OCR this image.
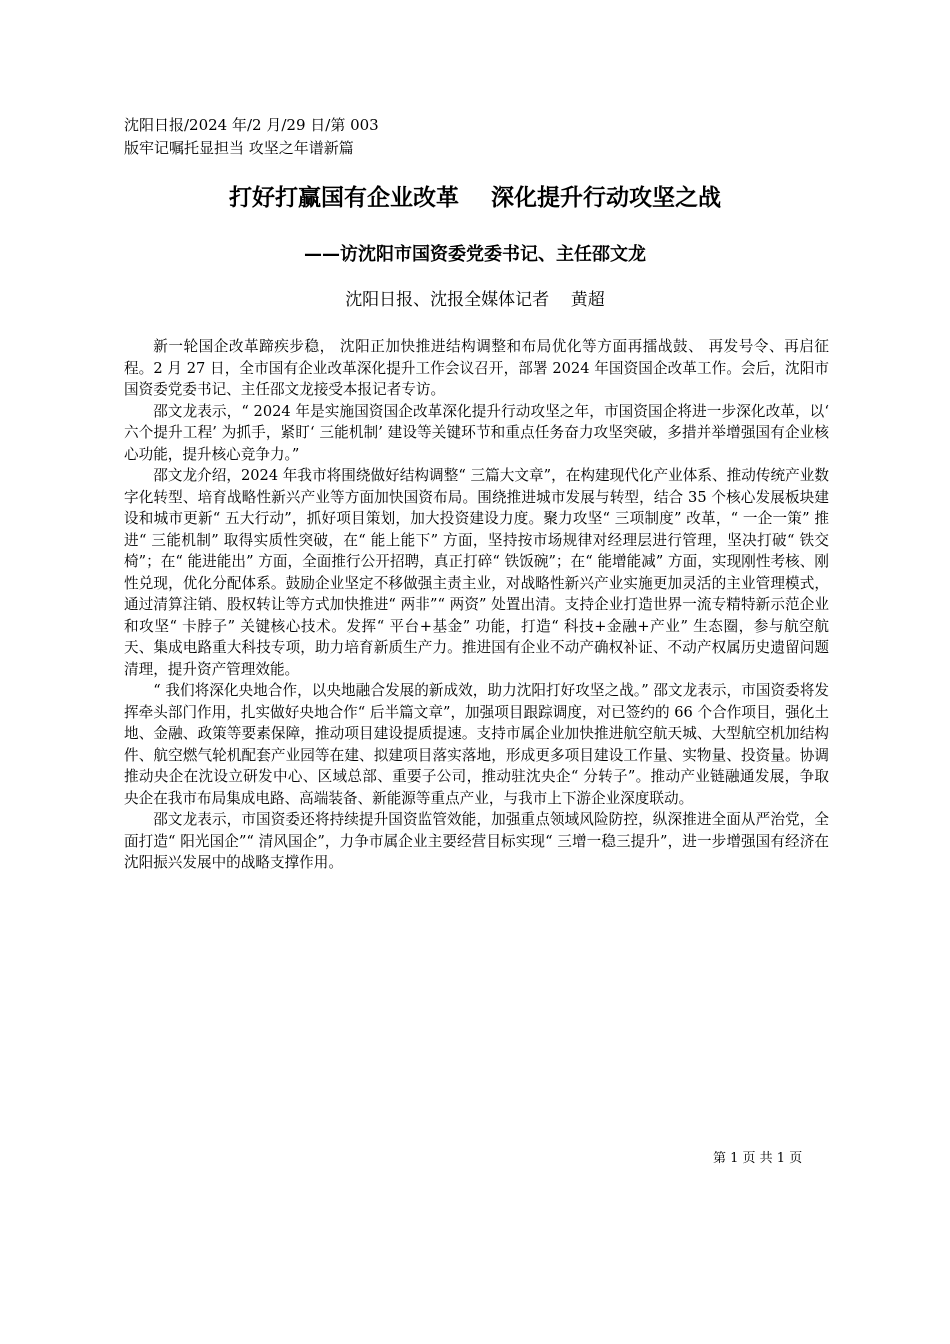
沈阳日报/2024 年/2 月/29 日/第 003
版牢记嘱托显担当 攻坚之年谱新篇
打好打赢国有企业改革    深化提升行动攻坚之战
——访沈阳市国资委党委书记、主任邵文龙
沈阳日报、沈报全媒体记者    黄超

新一轮国企改革蹄疾步稳， 沈阳正加快推进结构调整和布局优化等方面再擂战鼓、 再发号令、再启征程。2 月 27 日，全市国有企业改革深化提升工作会议召开，部署 2024 年国资国企改革工作。会后，沈阳市国资委党委书记、主任邵文龙接受本报记者专访。

邵文龙表示，“ 2024 年是实施国资国企改革深化提升行动攻坚之年，市国资国企将进一步深化改革，以‘ 六个提升工程’ 为抓手，紧盯‘ 三能机制’ 建设等关键环节和重点任务奋力攻坚突破，多措并举增强国有企业核心功能，提升核心竞争力。”

邵文龙介绍，2024 年我市将围绕做好结构调整“ 三篇大文章”，在构建现代化产业体系、推动传统产业数字化转型、培育战略性新兴产业等方面加快国资布局。围绕推进城市发展与转型，结合 35 个核心发展板块建设和城市更新“ 五大行动”，抓好项目策划，加大投资建设力度。聚力攻坚“ 三项制度” 改革，“ 一企一策” 推进“ 三能机制” 取得实质性突破，在“ 能上能下” 方面，坚持按市场规律对经理层进行管理，坚决打破“ 铁交椅”；在“ 能进能出” 方面，全面推行公开招聘，真正打碎“ 铁饭碗”；在“ 能增能减” 方面，实现刚性考核、刚性兑现，优化分配体系。鼓励企业坚定不移做强主责主业，对战略性新兴产业实施更加灵活的主业管理模式，通过清算注销、股权转让等方式加快推进“ 两非”“ 两资” 处置出清。支持企业打造世界一流专精特新示范企业和攻坚“ 卡脖子” 关键核心技术。发挥“ 平台+基金” 功能，打造“ 科技+金融+产业” 生态圈，参与航空航天、集成电路重大科技专项，助力培育新质生产力。推进国有企业不动产确权补证、不动产权属历史遗留问题清理，提升资产管理效能。

“ 我们将深化央地合作，以央地融合发展的新成效，助力沈阳打好攻坚之战。” 邵文龙表示，市国资委将发挥牵头部门作用，扎实做好央地合作“ 后半篇文章”，加强项目跟踪调度，对已签约的 66 个合作项目，强化土地、金融、政策等要素保障，推动项目建设提质提速。支持市属企业加快推进航空航天城、大型航空机加结构件、航空燃气轮机配套产业园等在建、拟建项目落实落地，形成更多项目建设工作量、实物量、投资量。协调推动央企在沈设立研发中心、区域总部、重要子公司，推动驻沈央企“ 分转子”。推动产业链融通发展，争取央企在我市布局集成电路、高端装备、新能源等重点产业，与我市上下游企业深度联动。

邵文龙表示，市国资委还将持续提升国资监管效能，加强重点领域风险防控，纵深推进全面从严治党，全面打造“ 阳光国企”“ 清风国企”，力争市属企业主要经营目标实现“ 三增一稳三提升”，进一步增强国有经济在沈阳振兴发展中的战略支撑作用。

第 1 页 共 1 页
